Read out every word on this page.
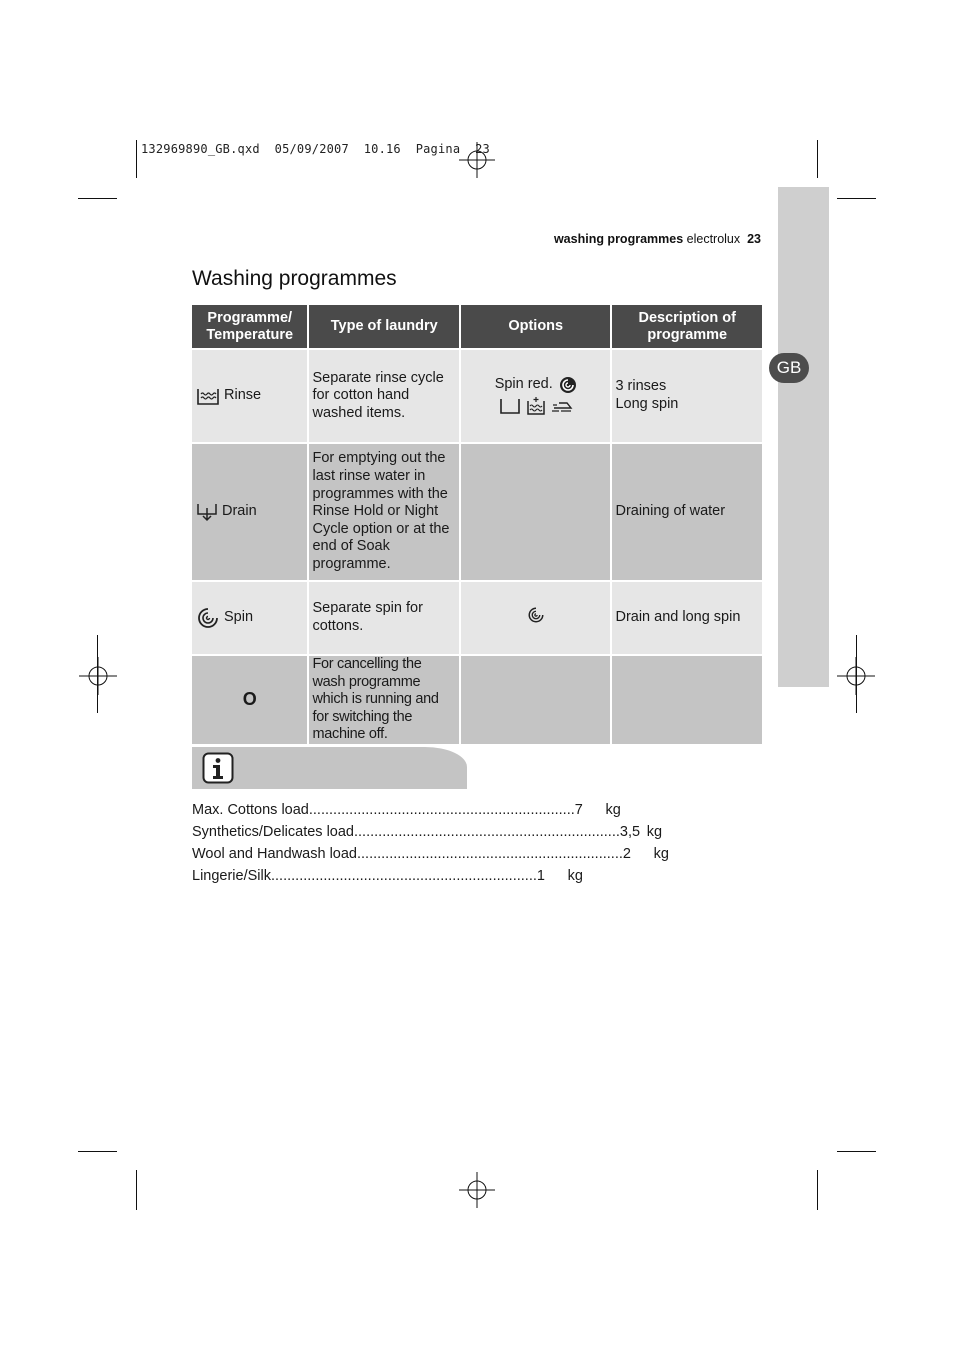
132969890_GB.qxd  05/09/2007  10.16  Pagina  23
GB
washing programmes electrolux 23
Washing programmes
Programme/ Temperature	Type of laundry	Options	Description of programme

Rinse	Separate rinse cycle for cotton hand washed items.	Spin red.	3 rinses
Long spin

Drain	For emptying out the last rinse water in programmes with the Rinse Hold or Night Cycle option or at the end of Soak programme.		Draining of water

Spin	Separate spin for cottons.		Drain and long spin

O	For cancelling the wash programme which is running and for switching the machine off.		
Max. Cottons load .................................................................. 7	kg
Synthetics/Delicates load .................................................................. 3,5 kg
Wool and Handwash load .................................................................. 2	kg
Lingerie/Silk .................................................................. 1	kg
